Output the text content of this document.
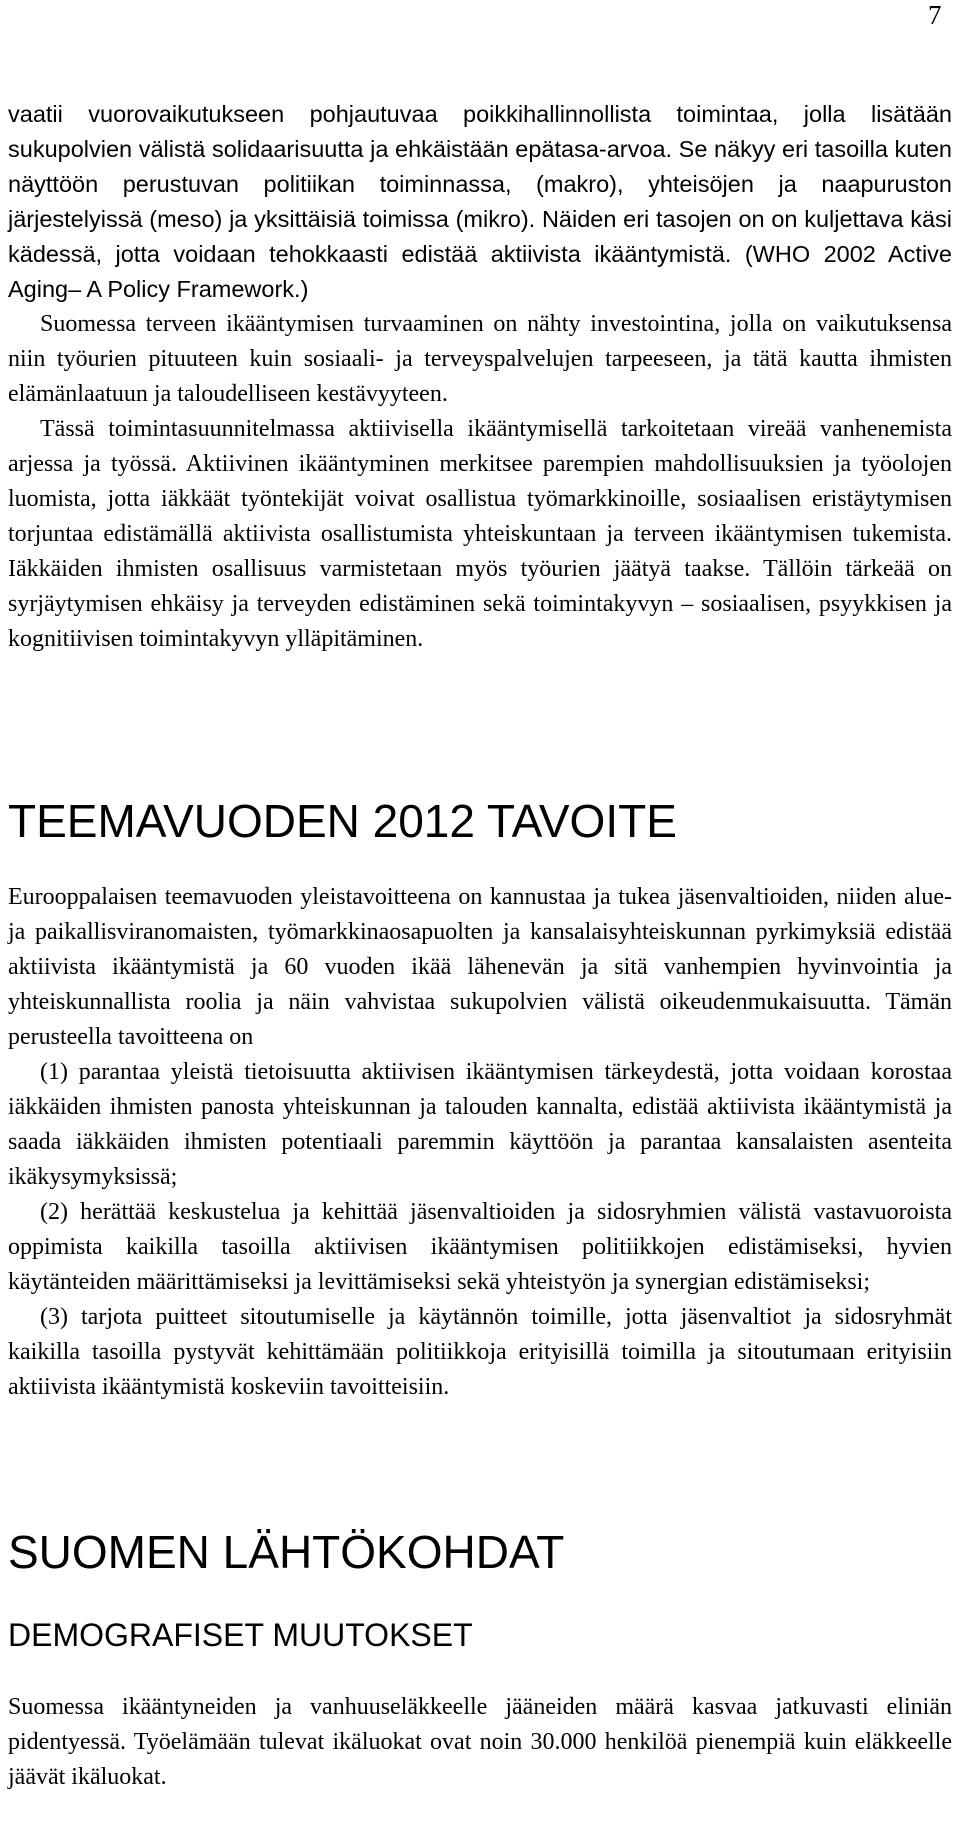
7

vaatii vuorovaikutukseen pohjautuvaa poikkihallinnollista toimintaa, jolla lisätään sukupolvien välistä solidaarisuutta ja ehkäistään epätasa-arvoa. Se näkyy eri tasoilla kuten näyttöön perustuvan politiikan toiminnassa, (makro), yhteisöjen ja naapuruston järjestelyissä (meso) ja yksittäisiä toimissa (mikro). Näiden eri tasojen on on kuljettava käsi kädessä, jotta voidaan tehokkaasti edistää aktiivista ikääntymistä. (WHO 2002 Active Aging– A Policy Framework.)

Suomessa terveen ikääntymisen turvaaminen on nähty investointina, jolla on vaikutuksensa niin työurien pituuteen kuin sosiaali- ja terveyspalvelujen tarpeeseen, ja tätä kautta ihmisten elämänlaatuun ja taloudelliseen kestävyyteen.

Tässä toimintasuunnitelmassa aktiivisella ikääntymisellä tarkoitetaan vireää vanhenemista arjessa ja työssä. Aktiivinen ikääntyminen merkitsee parempien mahdollisuuksien ja työolojen luomista, jotta iäkkäät työntekijät voivat osallistua työmarkkinoille, sosiaalisen eristäytymisen torjuntaa edistämällä aktiivista osallistumista yhteiskuntaan ja terveen ikääntymisen tukemista. Iäkkäiden ihmisten osallisuus varmistetaan myös työurien jäätyä taakse. Tällöin tärkeää on syrjäytymisen ehkäisy ja terveyden edistäminen sekä toimintakyvyn – sosiaalisen, psyykkisen ja kognitiivisen toimintakyvyn ylläpitäminen.

TEEMAVUODEN 2012 TAVOITE

Eurooppalaisen teemavuoden yleistavoitteena on kannustaa ja tukea jäsenvaltioiden, niiden alue- ja paikallisviranomaisten, työmarkkinaosapuolten ja kansalaisyhteiskunnan pyrkimyksiä edistää aktiivista ikääntymistä ja 60 vuoden ikää lähenevän ja sitä vanhempien hyvinvointia ja yhteiskunnallista roolia ja näin vahvistaa sukupolvien välistä oikeudenmukaisuutta. Tämän perusteella tavoitteena on

(1) parantaa yleistä tietoisuutta aktiivisen ikääntymisen tärkeydestä, jotta voidaan korostaa iäkkäiden ihmisten panosta yhteiskunnan ja talouden kannalta, edistää aktiivista ikääntymistä ja saada iäkkäiden ihmisten potentiaali paremmin käyttöön ja parantaa kansalaisten asenteita ikäkysymyksissä;

(2) herättää keskustelua ja kehittää jäsenvaltioiden ja sidosryhmien välistä vastavuoroista oppimista kaikilla tasoilla aktiivisen ikääntymisen politiikkojen edistämiseksi, hyvien käytänteiden määrittämiseksi ja levittämiseksi sekä yhteistyön ja synergian edistämiseksi;

(3) tarjota puitteet sitoutumiselle ja käytännön toimille, jotta jäsenvaltiot ja sidosryhmät kaikilla tasoilla pystyvät kehittämään politiikkoja erityisillä toimilla ja sitoutumaan erityisiin aktiivista ikääntymistä koskeviin tavoitteisiin.

SUOMEN LÄHTÖKOHDAT
DEMOGRAFISET MUUTOKSET

Suomessa ikääntyneiden ja vanhuuseläkkeelle jääneiden määrä kasvaa jatkuvasti eliniän pidentyessä. Työelämään tulevat ikäluokat ovat noin 30.000 henkilöä pienempiä kuin eläkkeelle jäävät ikäluokat.
